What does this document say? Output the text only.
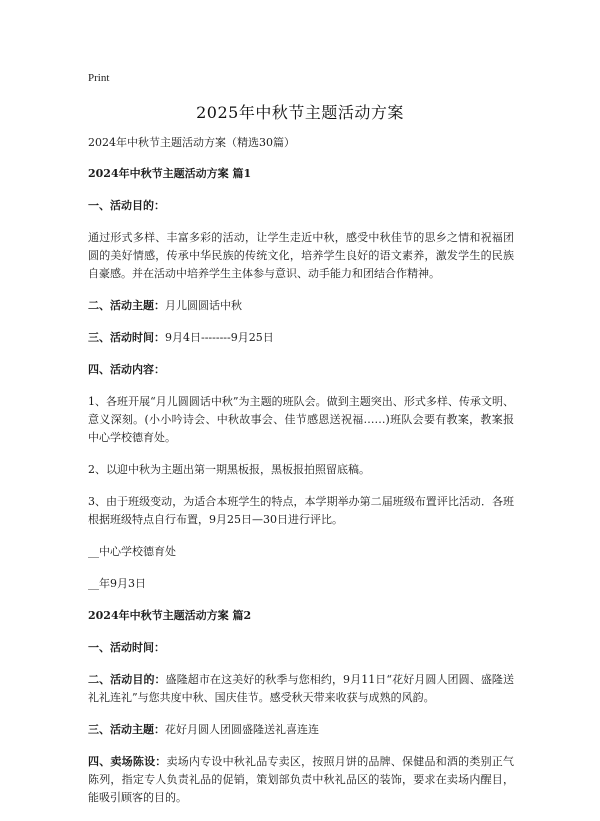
Print
2025年中秋节主题活动方案

2024年中秋节主题活动方案（精选30篇）

2024年中秋节主题活动方案 篇1

一、活动目的：

通过形式多样、丰富多彩的活动，让学生走近中秋，感受中秋佳节的思乡之情和祝福团圆的美好情感，传承中华民族的传统文化，培养学生良好的语文素养，激发学生的民族自豪感。并在活动中培养学生主体参与意识、动手能力和团结合作精神。

二、活动主题：月儿圆圆话中秋

三、活动时间：9月4日--------9月25日

四、活动内容：

1、各班开展“月儿圆圆话中秋”为主题的班队会。做到主题突出、形式多样、传承文明、意义深刻。(小小吟诗会、中秋故事会、佳节感恩送祝福……)班队会要有教案，教案报中心学校德育处。

2、以迎中秋为主题出第一期黑板报，黑板报拍照留底稿。

3、由于班级变动，为适合本班学生的特点，本学期举办第二届班级布置评比活动．各班根据班级特点自行布置，9月25日—30日进行评比。

__中心学校德育处

__年9月3日

2024年中秋节主题活动方案 篇2

一、活动时间：

二、活动目的：盛隆超市在这美好的秋季与您相约，9月11日“花好月圆人团圆、盛隆送礼礼连礼”与您共度中秋、国庆佳节。感受秋天带来收获与成熟的风韵。

三、活动主题：花好月圆人团圆盛隆送礼喜连连

四、卖场陈设：卖场内专设中秋礼品专卖区，按照月饼的品牌、保健品和酒的类别正气陈列，指定专人负责礼品的促销，策划部负责中秋礼品区的装饰，要求在卖场内醒目，能吸引顾客的目的。
